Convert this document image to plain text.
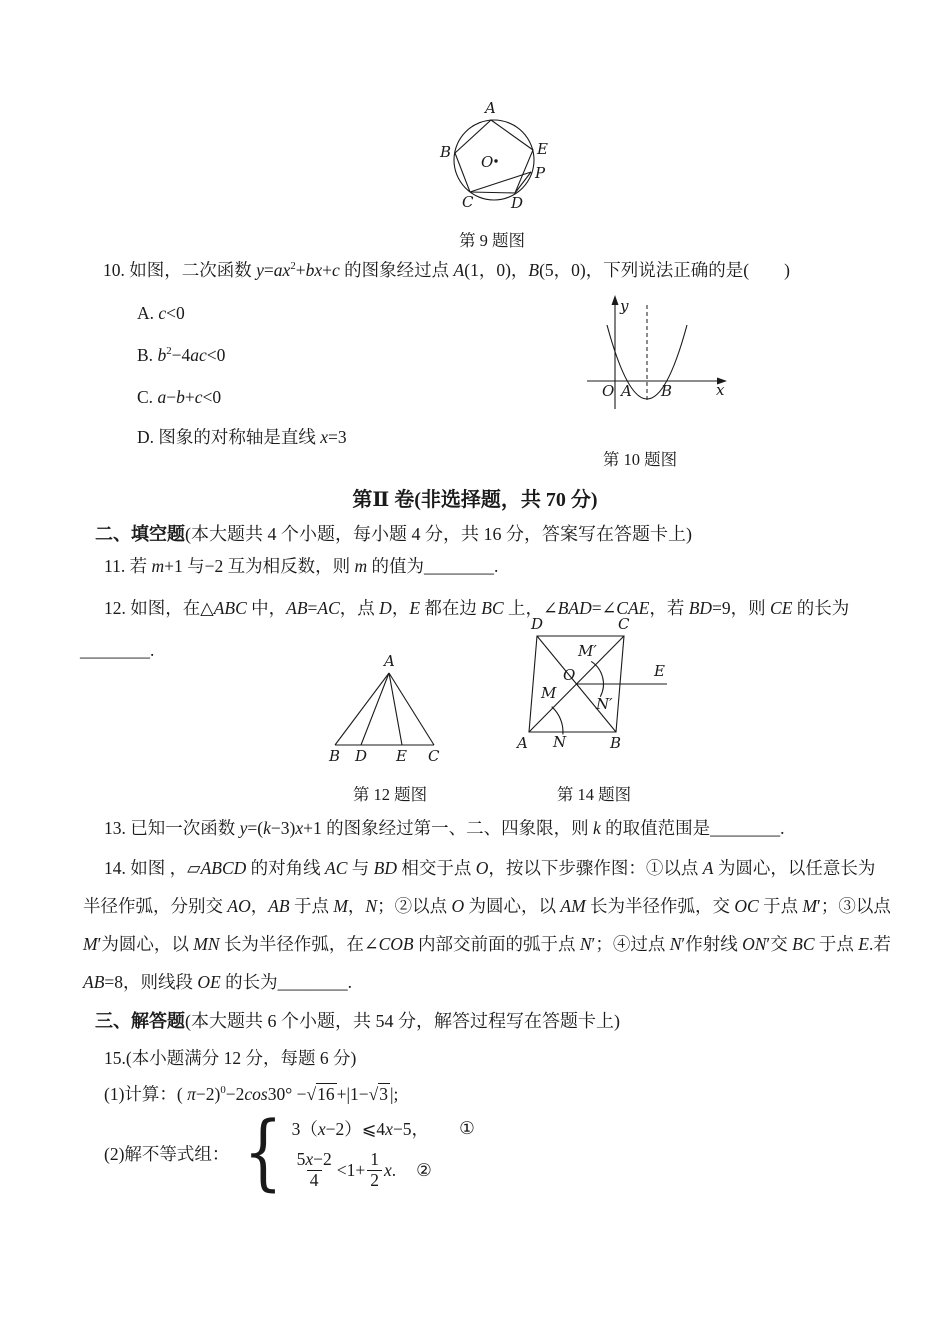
A
B
C	D
E
P
O
第 9 题图
10. 如图，二次函数 $y=ax^2+bx+c$ 的图象经过点 A(1，0)，B(5，0)，下列说法正确的是(　　)
A. c<0
B. $b^2-4ac<0$
C. a−b+c<0
D. 图象的对称轴是直线 x=3
y
x
O A B
第 10 题图
第Ⅱ 卷(非选择题，共 70 分)
二、填空题(本大题共 4 个小题，每小题 4 分，共 16 分，答案写在答题卡上)
11. 若 m+1 与−2 互为相反数，则 m 的值为________.
12. 如图，在△ABC 中，AB=AC，点 D，E 都在边 BC 上，∠BAD=∠CAE，若 BD=9，则 CE 的长为
________.
A
B D E C
第 12 题图
D	C
A	B
O
M′
N′
M
N
E
第 14 题图
13. 已知一次函数 y=(k−3)x+1 的图象经过第一、二、四象限，则 k 的取值范围是________.
14. 如图 ，▱ABCD 的对角线 AC 与 BD 相交于点 O，按以下步骤作图：①以点 A 为圆心，以任意长为
半径作弧，分别交 AO，AB 于点 M，N；②以点 O 为圆心，以 AM 长为半径作弧，交 OC 于点 M′；③以点
M′为圆心，以 MN 长为半径作弧，在∠COB 内部交前面的弧于点 N′；④过点 N′作射线 ON′交 BC 于点 E.若
AB=8，则线段 OE 的长为________.
三、解答题(本大题共 6 个小题，共 54 分，解答过程写在答题卡上)
15.(本小题满分 12 分，每题 6 分)
(1)计算：( π−2)$^0$−2cos30° −√16 +|1−√3 |;
(2)解不等式组： { 3（x−2）⩽4x−5， ①
$\frac{5x-2}{4} <1+ \frac{1}{2} x$. ②
